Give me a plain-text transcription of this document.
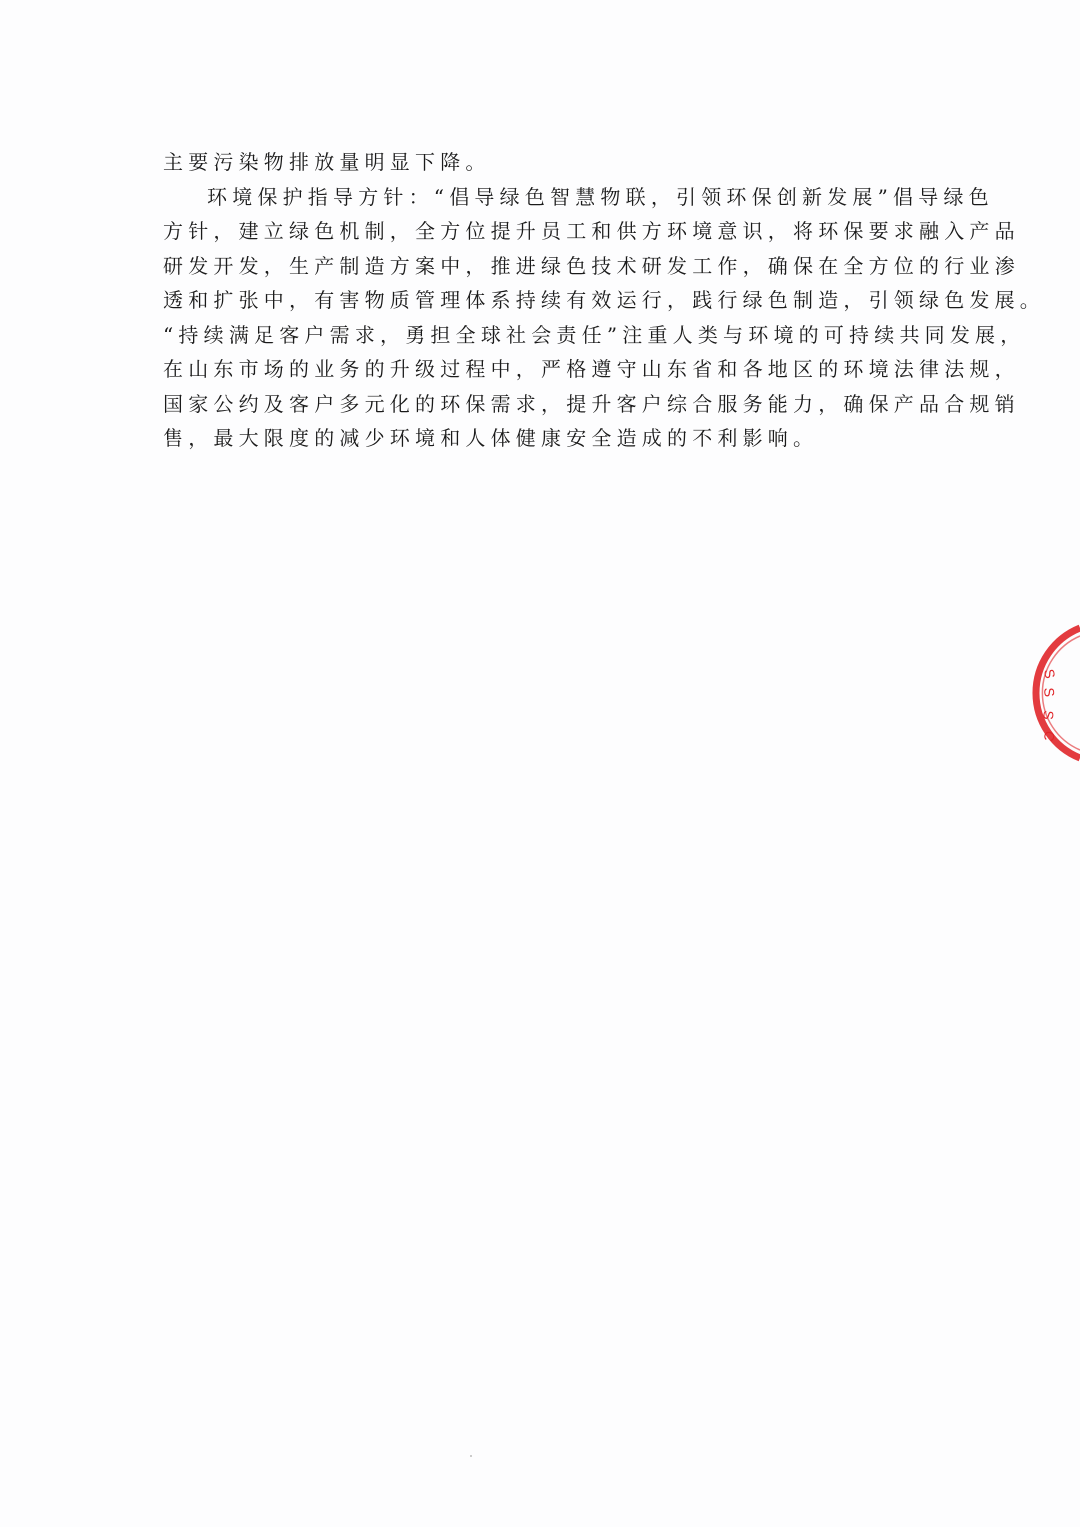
主要污染物排放量明显下降。
环境保护指导方针：“倡导绿色智慧物联，引领环保创新发展”倡导绿色
方针，建立绿色机制，全方位提升员工和供方环境意识，将环保要求融入产品
研发开发，生产制造方案中，推进绿色技术研发工作，确保在全方位的行业渗
透和扩张中，有害物质管理体系持续有效运行，践行绿色制造，引领绿色发展。
“持续满足客户需求，勇担全球社会责任”注重人类与环境的可持续共同发展，
在山东市场的业务的升级过程中，严格遵守山东省和各地区的环境法律法规，
国家公约及客户多元化的环保需求，提升客户综合服务能力，确保产品合规销
售，最大限度的减少环境和人体健康安全造成的不利影响。
S
S
S
C
